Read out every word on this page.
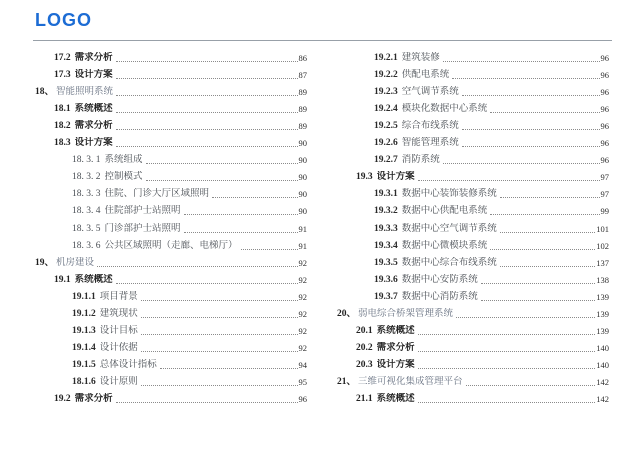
LOGO
17.2 需求分析	86
17.3 设计方案	87
18、 智能照明系统	89
18.1 系统概述	89
18.2 需求分析	89
18.3 设计方案	90
18. 3. 1 系统组成	90
18. 3. 2 控制模式	90
18. 3. 3 住院、门诊大厅区域照明	90
18. 3. 4 住院部护士站照明	90
18. 3. 5 门诊部护士站照明	91
18. 3. 6 公共区域照明（走廊、电梯厅）	91
19、 机房建设	92
19.1 系统概述	92
19.1.1 项目背景	92
19.1.2 建筑现状	92
19.1.3 设计目标	92
19.1.4 设计依据	92
19.1.5 总体设计指标	94
18.1.6 设计原则	95
19.2 需求分析	96
19.2.1 建筑装修	96
19.2.2 供配电系统	96
19.2.3 空气调节系统	96
19.2.4 模块化数据中心系统	96
19.2.5 综合布线系统	96
19.2.6 智能管理系统	96
19.2.7 消防系统	96
19.3 设计方案	97
19.3.1 数据中心装饰装修系统	97
19.3.2 数据中心供配电系统	99
19.3.3 数据中心空气调节系统	101
19.3.4 数据中心微模块系统	102
19.3.5 数据中心综合布线系统	137
19.3.6 数据中心安防系统	138
19.3.7 数据中心消防系统	139
20、 弱电综合桥架管理系统	139
20.1 系统概述	139
20.2 需求分析	140
20.3 设计方案	140
21、 三维可视化集成管理平台	142
21.1 系统概述	142
